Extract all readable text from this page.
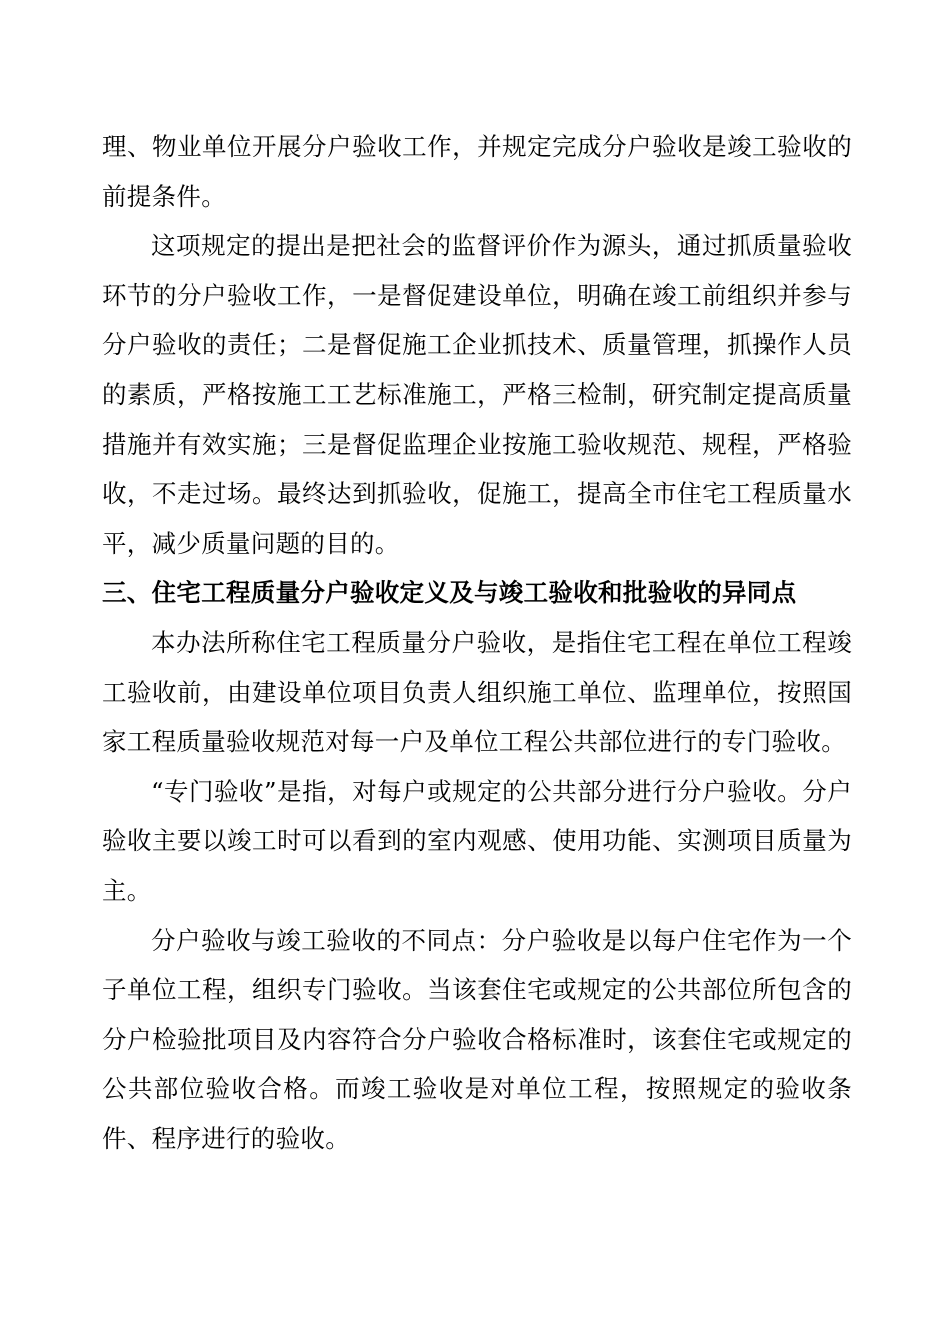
理、物业单位开展分户验收工作，并规定完成分户验收是竣工验收的前提条件。

这项规定的提出是把社会的监督评价作为源头，通过抓质量验收环节的分户验收工作，一是督促建设单位，明确在竣工前组织并参与分户验收的责任；二是督促施工企业抓技术、质量管理，抓操作人员的素质，严格按施工工艺标准施工，严格三检制，研究制定提高质量措施并有效实施；三是督促监理企业按施工验收规范、规程，严格验收，不走过场。最终达到抓验收，促施工，提高全市住宅工程质量水平，减少质量问题的目的。

三、住宅工程质量分户验收定义及与竣工验收和批验收的异同点

本办法所称住宅工程质量分户验收，是指住宅工程在单位工程竣工验收前，由建设单位项目负责人组织施工单位、监理单位，按照国家工程质量验收规范对每一户及单位工程公共部位进行的专门验收。

“专门验收”是指，对每户或规定的公共部分进行分户验收。分户验收主要以竣工时可以看到的室内观感、使用功能、实测项目质量为主。

分户验收与竣工验收的不同点：分户验收是以每户住宅作为一个子单位工程，组织专门验收。当该套住宅或规定的公共部位所包含的分户检验批项目及内容符合分户验收合格标准时，该套住宅或规定的公共部位验收合格。而竣工验收是对单位工程，按照规定的验收条件、程序进行的验收。
